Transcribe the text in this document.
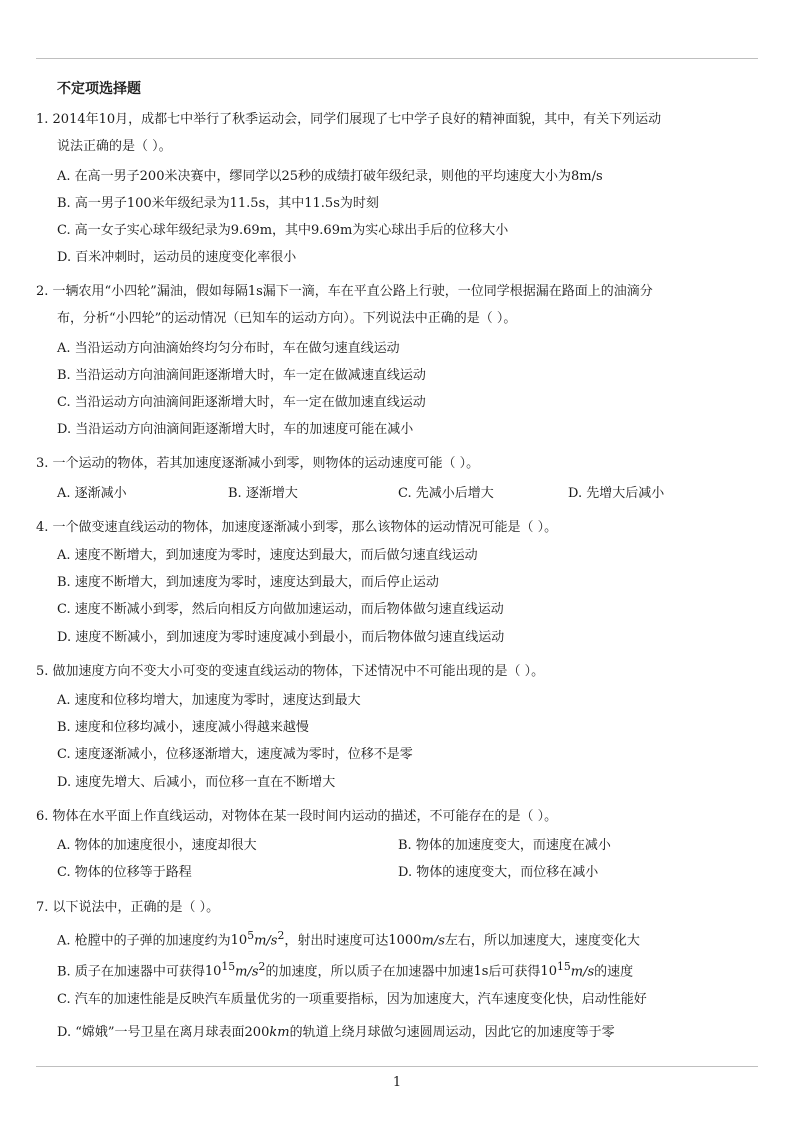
不定项选择题
1. 2014年10月，成都七中举行了秋季运动会，同学们展现了七中学子良好的精神面貌，其中，有关下列运动
说法正确的是（ ）。
A. 在高一男子200米决赛中，缪同学以25秒的成绩打破年级纪录，则他的平均速度大小为8m/s
B. 高一男子100米年级纪录为11.5s，其中11.5s为时刻
C. 高一女子实心球年级纪录为9.69m，其中9.69m为实心球出手后的位移大小
D. 百米冲刺时，运动员的速度变化率很小
2. 一辆农用“小四轮”漏油，假如每隔1s漏下一滴，车在平直公路上行驶，一位同学根据漏在路面上的油滴分
布，分析“小四轮”的运动情况（已知车的运动方向）。下列说法中正确的是（ ）。
A. 当沿运动方向油滴始终均匀分布时，车在做匀速直线运动
B. 当沿运动方向油滴间距逐渐增大时，车一定在做减速直线运动
C. 当沿运动方向油滴间距逐渐增大时，车一定在做加速直线运动
D. 当沿运动方向油滴间距逐渐增大时，车的加速度可能在减小
3. 一个运动的物体，若其加速度逐渐减小到零，则物体的运动速度可能（ ）。
A. 逐渐减小	B. 逐渐增大	C. 先减小后增大	D. 先增大后减小
4. 一个做变速直线运动的物体，加速度逐渐减小到零，那么该物体的运动情况可能是（ ）。
A. 速度不断增大，到加速度为零时，速度达到最大，而后做匀速直线运动
B. 速度不断增大，到加速度为零时，速度达到最大，而后停止运动
C. 速度不断减小到零，然后向相反方向做加速运动，而后物体做匀速直线运动
D. 速度不断减小，到加速度为零时速度减小到最小，而后物体做匀速直线运动
5. 做加速度方向不变大小可变的变速直线运动的物体，下述情况中不可能出现的是（ ）。
A. 速度和位移均增大，加速度为零时，速度达到最大
B. 速度和位移均减小，速度减小得越来越慢
C. 速度逐渐减小，位移逐渐增大，速度减为零时，位移不是零
D. 速度先增大、后减小，而位移一直在不断增大
6. 物体在水平面上作直线运动，对物体在某一段时间内运动的描述，不可能存在的是（ ）。
A. 物体的加速度很小，速度却很大	B. 物体的加速度变大，而速度在减小
C. 物体的位移等于路程	D. 物体的速度变大，而位移在减小
7. 以下说法中，正确的是（ ）。
A. 枪膛中的子弹的加速度约为$10^5m/s^2$，射出时速度可达1000m/s左右，所以加速度大，速度变化大
B. 质子在加速器中可获得$10^{15}m/s^2$的加速度，所以质子在加速器中加速1s后可获得$10^{15}m/s$的速度
C. 汽车的加速性能是反映汽车质量优劣的一项重要指标，因为加速度大，汽车速度变化快，启动性能好
D. “嫦娥”一号卫星在离月球表面200km的轨道上绕月球做匀速圆周运动，因此它的加速度等于零
1
